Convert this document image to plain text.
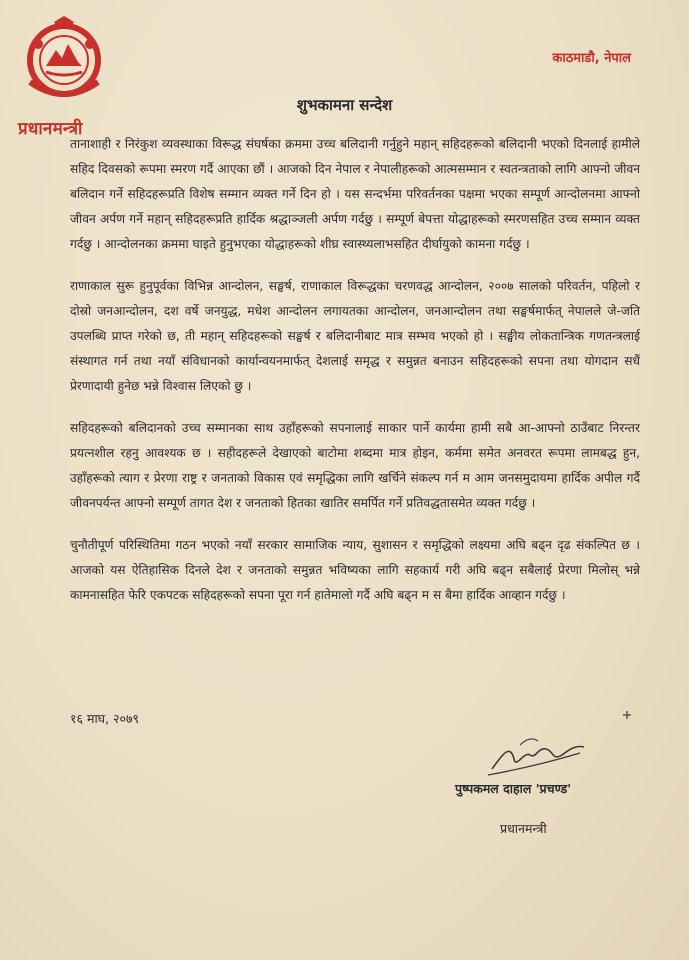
प्रधानमन्त्री
काठमाडौ, नेपाल
शुभकामना सन्देश

तानाशाही र निरंकुश व्यवस्थाका विरूद्ध संघर्षका क्रममा उच्च बलिदानी गर्नुहुने महान् सहिदहरूको बलिदानी भएको दिनलाई हामीले सहिद दिवसको रूपमा स्मरण गर्दै आएका छौं । आजको दिन नेपाल र नेपालीहरूको आत्मसम्मान र स्वतन्त्रताको लागि आफ्नो जीवन बलिदान गर्ने सहिदहरूप्रति विशेष सम्मान व्यक्त गर्ने दिन हो । यस सन्दर्भमा परिवर्तनका पक्षमा भएका सम्पूर्ण आन्दोलनमा आफ्नो जीवन अर्पण गर्ने महान् सहिदहरूप्रति हार्दिक श्रद्धाञ्जली अर्पण गर्दछु । सम्पूर्ण बेपत्ता योद्धाहरूको स्मरणसहित उच्च सम्मान व्यक्त गर्दछु । आन्दोलनका क्रममा घाइते हुनुभएका योद्धाहरूको शीघ्र स्वास्थ्यलाभसहित दीर्घायुको कामना गर्दछु ।

राणाकाल सुरू हुनुपूर्वका विभिन्न आन्दोलन, सङ्घर्ष, राणाकाल विरूद्धका चरणवद्ध आन्दोलन, २००७ सालको परिवर्तन, पहिलो र दोस्रो जनआन्दोलन, दश वर्षे जनयुद्ध, मधेश आन्दोलन लगायतका आन्दोलन, जनआन्दोलन तथा सङ्घर्षमार्फत् नेपालले जे-जति उपलब्धि प्राप्त गरेको छ, ती महान् सहिदहरूको सङ्घर्ष र बलिदानीबाट मात्र सम्भव भएको हो । सङ्घीय लोकतान्त्रिक गणतन्त्रलाई संस्थागत गर्न तथा नयाँ संविधानको कार्यान्वयनमार्फत् देशलाई समृद्ध र समुन्नत बनाउन सहिदहरूको सपना तथा योगदान सधैं प्रेरणादायी हुनेछ भन्ने विश्वास लिएको छु ।

सहिदहरूको बलिदानको उच्च सम्मानका साथ उहाँहरूको सपनालाई साकार पार्ने कार्यमा हामी सबै आ-आफ्नो ठाउँबाट निरन्तर प्रयत्नशील रहनु आवश्यक छ । सहीदहरूले देखाएको बाटोमा शब्दमा मात्र होइन, कर्ममा समेत अनवरत रूपमा लामबद्ध हुन, उहाँहरूको त्याग र प्रेरणा राष्ट्र र जनताको विकास एवं समृद्धिका लागि खर्चिने संकल्प गर्न म आम जनसमुदायमा हार्दिक अपील गर्दै जीवनपर्यन्त आफ्नो सम्पूर्ण तागत देश र जनताको हितका खातिर समर्पित गर्ने प्रतिवद्धतासमेत व्यक्त गर्दछु ।

चुनौतीपूर्ण परिस्थितिमा गठन भएको नयाँ सरकार सामाजिक न्याय, सुशासन र समृद्धिको लक्ष्यमा अघि बढ्न दृढ संकल्पित छ । आजको यस ऐतिहासिक दिनले देश र जनताको समुन्नत भविष्यका लागि सहकार्य गरी अघि बढ्न सबैलाई प्रेरणा मिलोस् भन्ने कामनासहित फेरि एकपटक सहिदहरूको सपना पूरा गर्न हातेमालो गर्दै अघि बढ्न म स बैमा हार्दिक आव्हान गर्दछु ।

१६ माघ, २०७९
पुष्पकमल दाहाल 'प्रचण्ड'
प्रधानमन्त्री
